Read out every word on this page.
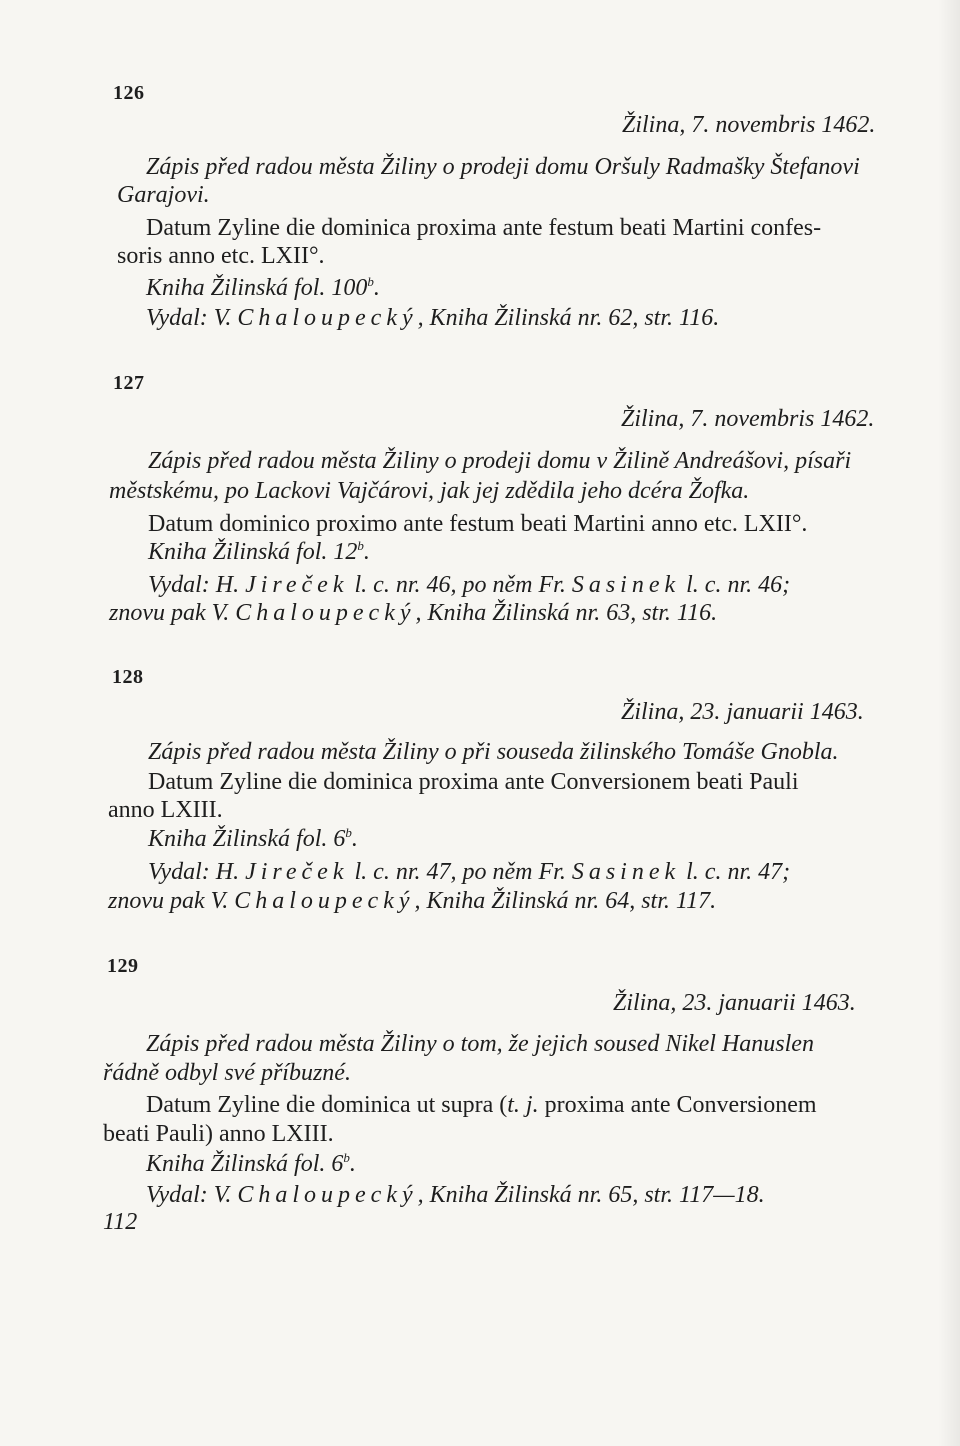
126
Žilina, 7. novembris 1462.
Zápis před radou města Žiliny o prodeji domu Oršuly Radmašky Štefanovi
Garajovi.
Datum Zyline die dominica proxima ante festum beati Martini confes-
soris anno etc. LXII°.
Kniha Žilinská fol. 100$^b$.
Vydal: V. Chaloupecký, Kniha Žilinská nr. 62, str. 116.
127
Žilina, 7. novembris 1462.
Zápis před radou města Žiliny o prodeji domu v Žilině Andreášovi, písaři
městskému, po Lackovi Vajčárovi, jak jej zdědila jeho dcéra Žofka.
Datum dominico proximo ante festum beati Martini anno etc. LXII°.
Kniha Žilinská fol. 12$^b$.
Vydal: H. Jireček l. c. nr. 46, po něm Fr. Sasinek l. c. nr. 46;
znovu pak V. Chaloupecký, Kniha Žilinská nr. 63, str. 116.
128
Žilina, 23. januarii 1463.
Zápis před radou města Žiliny o při souseda žilinského Tomáše Gnobla.
Datum Zyline die dominica proxima ante Conversionem beati Pauli
anno LXIII.
Kniha Žilinská fol. 6$^b$.
Vydal: H. Jireček l. c. nr. 47, po něm Fr. Sasinek l. c. nr. 47;
znovu pak V. Chaloupecký, Kniha Žilinská nr. 64, str. 117.
129
Žilina, 23. januarii 1463.
Zápis před radou města Žiliny o tom, že jejich soused Nikel Hanuslen
řádně odbyl své příbuzné.
Datum Zyline die dominica ut supra (t. j. proxima ante Conversionem
beati Pauli) anno LXIII.
Kniha Žilinská fol. 6$^b$.
Vydal: V. Chaloupecký, Kniha Žilinská nr. 65, str. 117—18.
112
